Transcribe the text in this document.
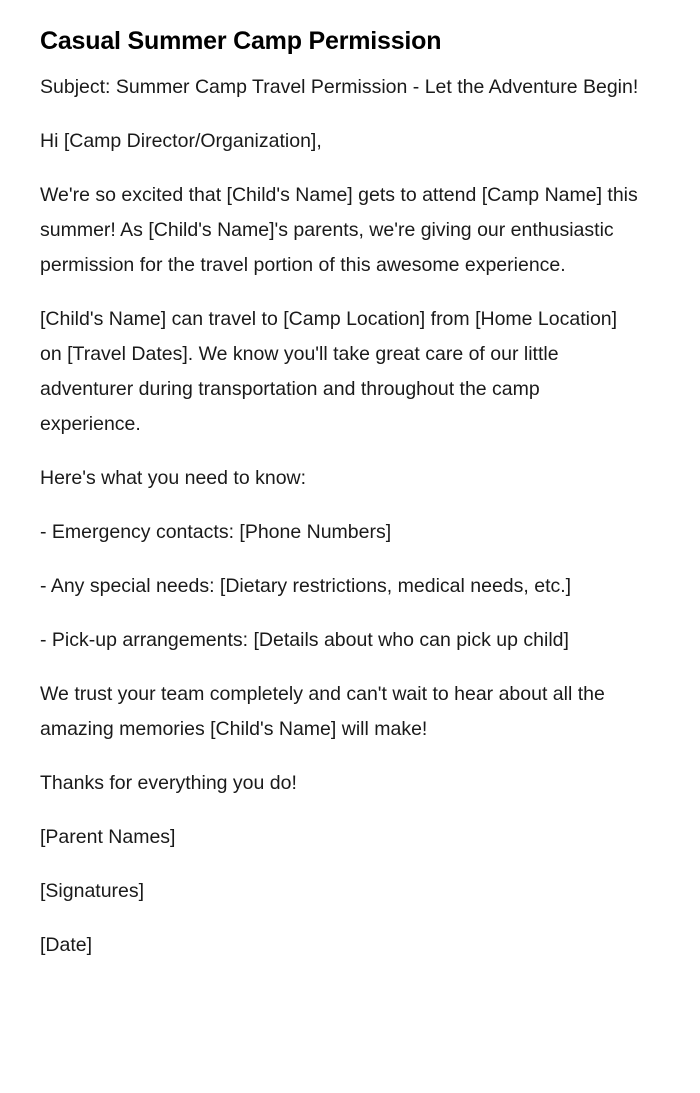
Casual Summer Camp Permission

Subject: Summer Camp Travel Permission - Let the Adventure Begin!

Hi [Camp Director/Organization],

We're so excited that [Child's Name] gets to attend [Camp Name] this summer! As [Child's Name]'s parents, we're giving our enthusiastic permission for the travel portion of this awesome experience.

[Child's Name] can travel to [Camp Location] from [Home Location] on [Travel Dates]. We know you'll take great care of our little adventurer during transportation and throughout the camp experience.

Here's what you need to know:

- Emergency contacts: [Phone Numbers]

- Any special needs: [Dietary restrictions, medical needs, etc.]

- Pick-up arrangements: [Details about who can pick up child]

We trust your team completely and can't wait to hear about all the amazing memories [Child's Name] will make!

Thanks for everything you do!

[Parent Names]

[Signatures]

[Date]
